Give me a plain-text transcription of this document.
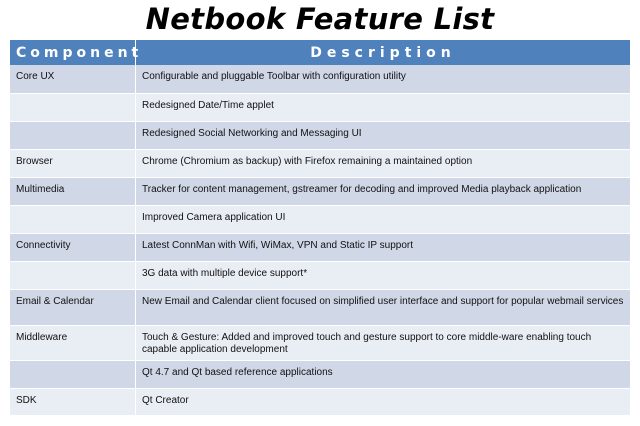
Netbook Feature List
Component	Description
Core UX	Configurable and pluggable Toolbar with configuration utility
	Redesigned Date/Time applet
	Redesigned Social Networking and Messaging UI
Browser	Chrome (Chromium as backup) with Firefox remaining a maintained option
Multimedia	Tracker for content management, gstreamer for decoding and improved Media playback application
	Improved Camera application UI
Connectivity	Latest ConnMan with Wifi, WiMax, VPN and Static IP support
	3G data with multiple device support*
Email & Calendar	New Email and Calendar client focused on simplified user interface and support for popular webmail services
Middleware	Touch & Gesture: Added and improved touch and gesture support to core middle-ware enabling touch capable application development
	Qt 4.7 and Qt based reference applications
SDK	Qt Creator
